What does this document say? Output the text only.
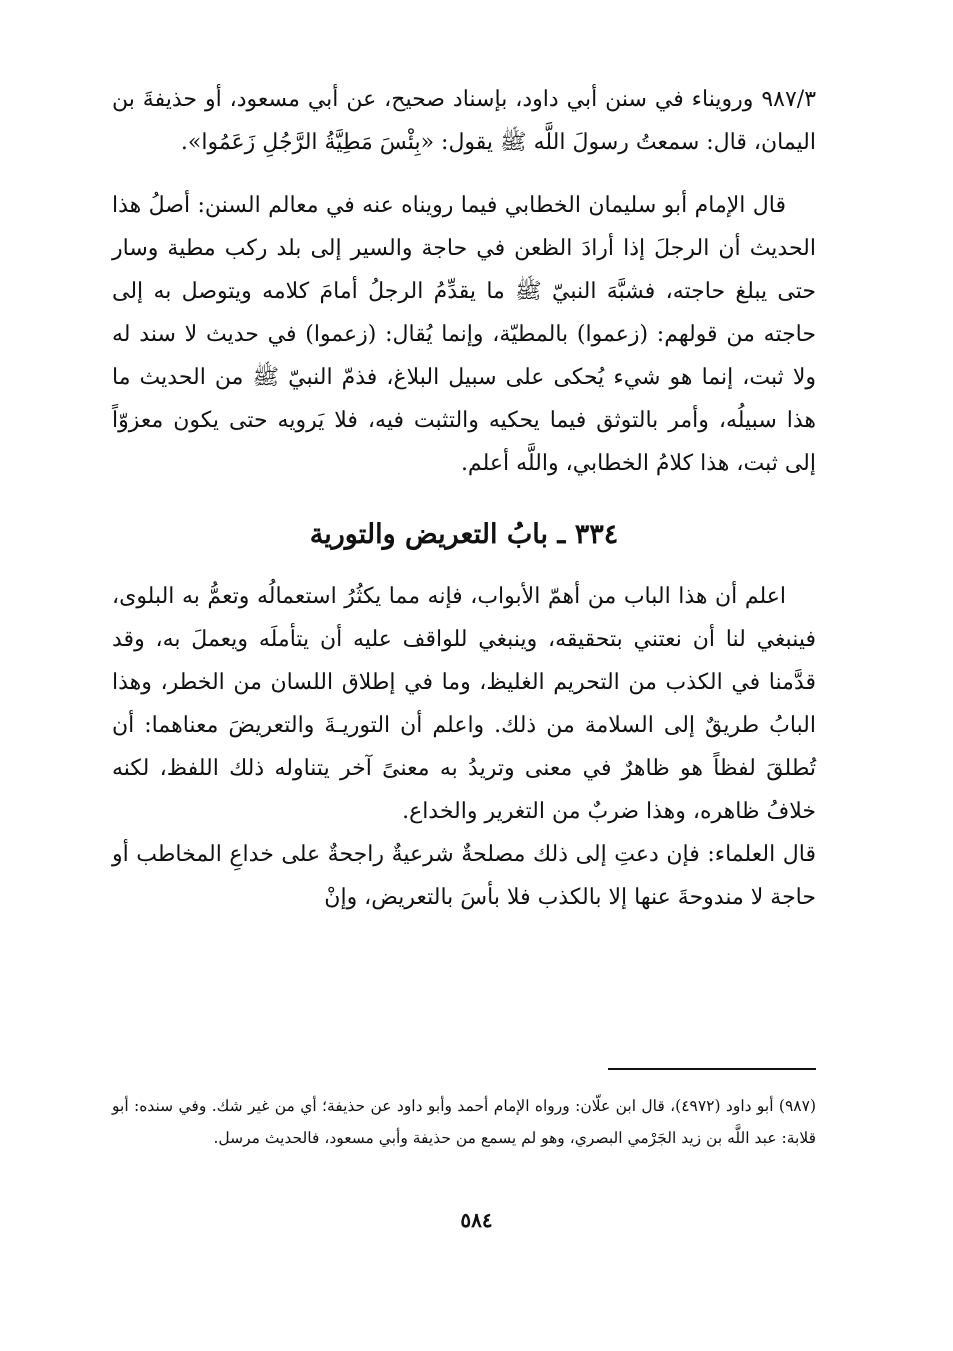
٩٨٧/٣ ورويناء في سنن أبي داود، بإسناد صحيح، عن أبي مسعود، أو حذيفةَ بن اليمان، قال: سمعتُ رسولَ اللَّه ﷺ يقول: «بِئْسَ مَطِيَّةُ الرَّجُلِ زَعَمُوا».

قال الإمام أبو سليمان الخطابي فيما رويناه عنه في معالم السنن: أصلُ هذا الحديث أن الرجلَ إذا أرادَ الظعن في حاجة والسير إلى بلد ركب مطية وسار حتى يبلغ حاجته، فشبَّهَ النبيّ ﷺ ما يقدِّمُ الرجلُ أمامَ كلامه ويتوصل به إلى حاجته من قولهم: (زعموا) بالمطيّة، وإنما يُقال: (زعموا) في حديث لا سند له ولا ثبت، إنما هو شيء يُحكى على سبيل البلاغ، فذمّ النبيّ ﷺ من الحديث ما هذا سبيلُه، وأمر بالتوثق فيما يحكيه والتثبت فيه، فلا يَرويه حتى يكون معزوّاً إلى ثبت، هذا كلامُ الخطابي، واللَّه أعلم.

٣٣٤ ـ بابُ التعريض والتورية

اعلم أن هذا الباب من أهمّ الأبواب، فإنه مما يكثُرُ استعمالُه وتعمُّ به البلوى، فينبغي لنا أن نعتني بتحقيقه، وينبغي للواقف عليه أن يتأملَه ويعملَ به، وقد قدَّمنا في الكذب من التحريم الغليظ، وما في إطلاق اللسان من الخطر، وهذا البابُ طريقٌ إلى السلامة من ذلك. واعلم أن التوريـةَ والتعريضَ معناهما: أن تُطلقَ لفظاً هو ظاهرٌ في معنى وتريدُ به معنىً آخر يتناوله ذلك اللفظ، لكنه خلافُ ظاهره، وهذا ضربٌ من التغرير والخداع.

قال العلماء: فإن دعتِ إلى ذلك مصلحةٌ شرعيةٌ راجحةٌ على خداعِ المخاطب أو حاجة لا مندوحةَ عنها إلا بالكذب فلا بأسَ بالتعريض، وإنْ

(٩٨٧) أبو داود (٤٩٧٢)، قال ابن علّان: ورواه الإمام أحمد وأبو داود عن حذيفة؛ أي من غير شك. وفي سنده: أبو قلابة: عبد اللَّه بن زيد الجَرْمي البصري، وهو لم يسمع من حذيفة وأبي مسعود، فالحديث مرسل.
٥٨٤
